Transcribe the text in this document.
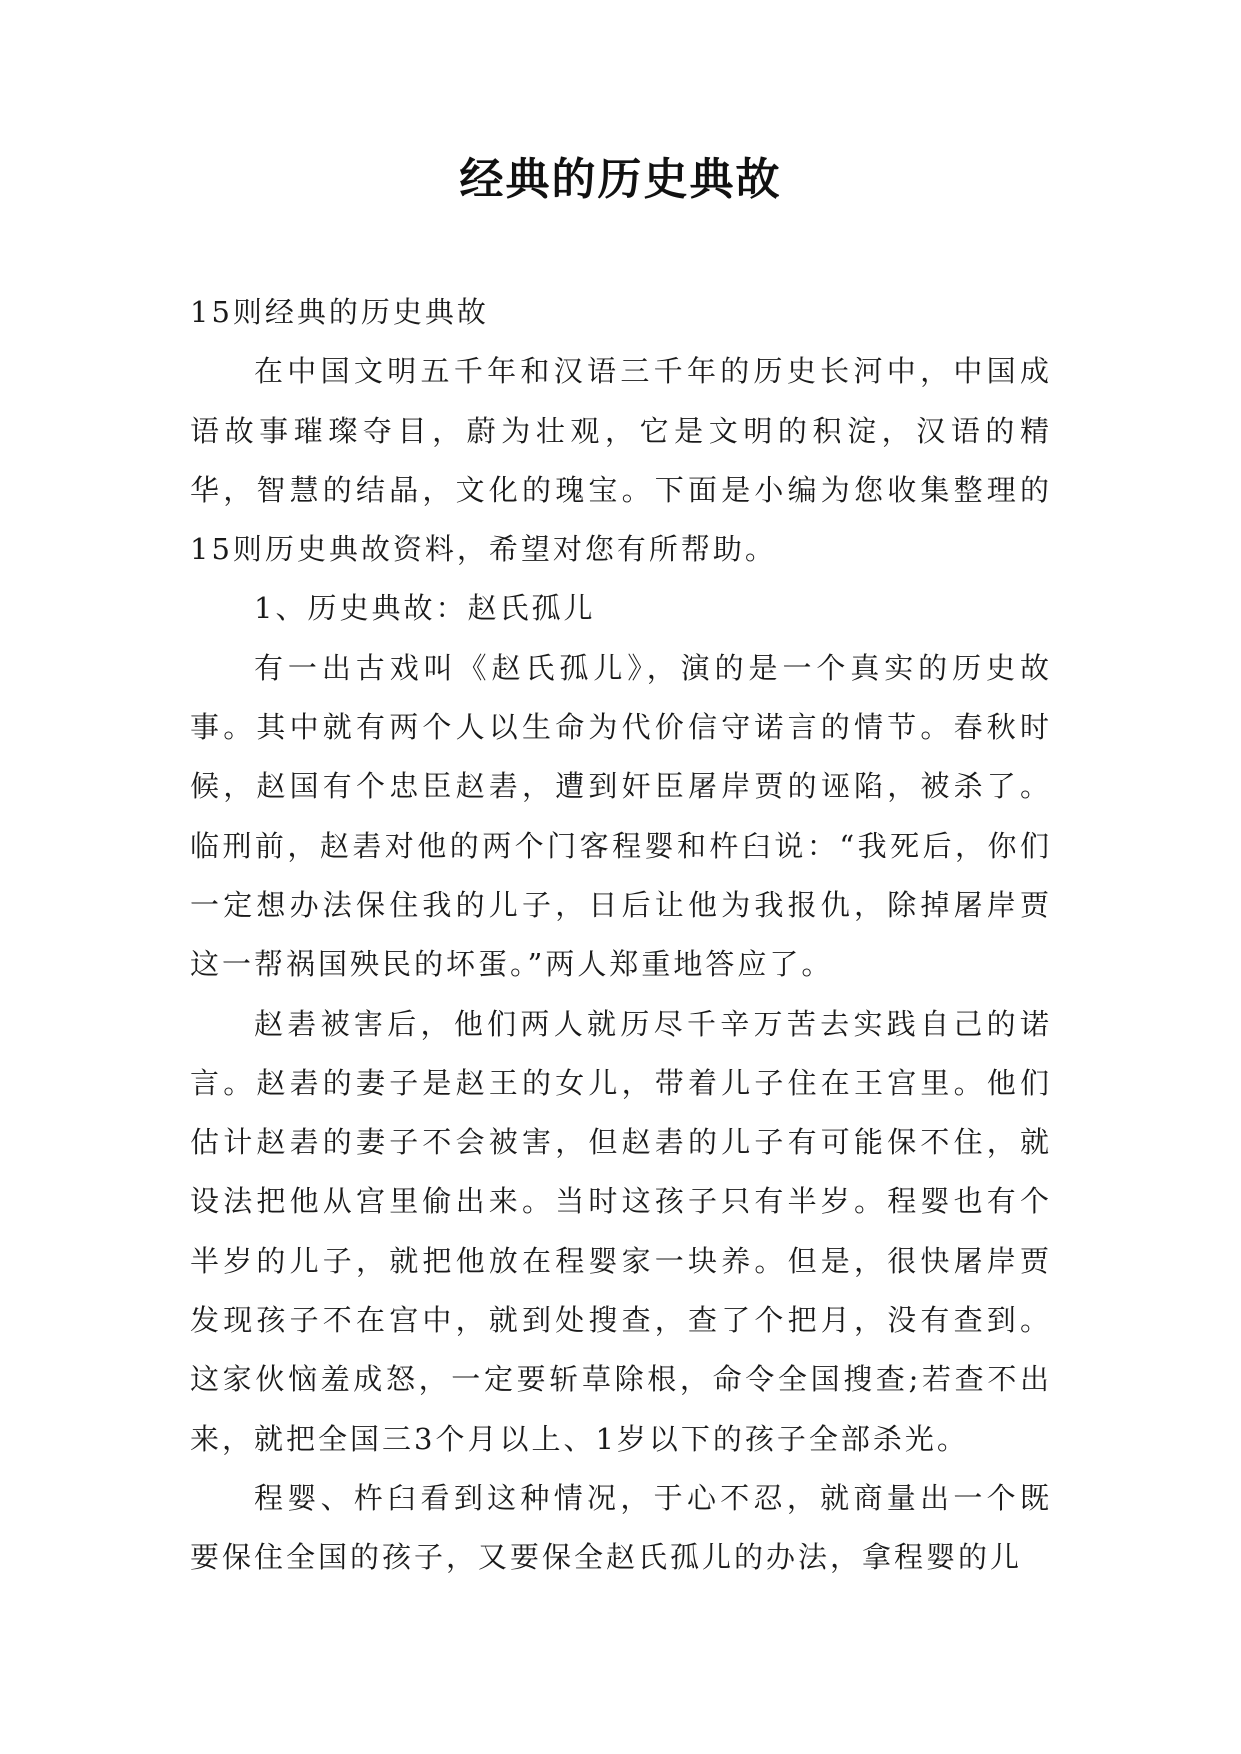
经典的历史典故

15则经典的历史典故

在中国文明五千年和汉语三千年的历史长河中，中国成语故事璀璨夺目，蔚为壮观，它是文明的积淀，汉语的精华，智慧的结晶，文化的瑰宝。下面是小编为您收集整理的15则历史典故资料，希望对您有所帮助。

1、历史典故：赵氏孤儿

有一出古戏叫《赵氏孤儿》，演的是一个真实的历史故事。其中就有两个人以生命为代价信守诺言的情节。春秋时候，赵国有个忠臣赵砉，遭到奸臣屠岸贾的诬陷，被杀了。临刑前，赵砉对他的两个门客程婴和杵臼说：“我死后，你们一定想办法保住我的儿子，日后让他为我报仇，除掉屠岸贾这一帮祸国殃民的坏蛋。”两人郑重地答应了。

赵砉被害后，他们两人就历尽千辛万苦去实践自己的诺言。赵砉的妻子是赵王的女儿，带着儿子住在王宫里。他们估计赵砉的妻子不会被害，但赵砉的儿子有可能保不住，就设法把他从宫里偷出来。当时这孩子只有半岁。程婴也有个半岁的儿子，就把他放在程婴家一块养。但是，很快屠岸贾发现孩子不在宫中，就到处搜查，查了个把月，没有查到。这家伙恼羞成怒，一定要斩草除根，命令全国搜查;若查不出来，就把全国三3个月以上、1岁以下的孩子全部杀光。

程婴、杵臼看到这种情况，于心不忍，就商量出一个既要保住全国的孩子，又要保全赵氏孤儿的办法，拿程婴的儿
